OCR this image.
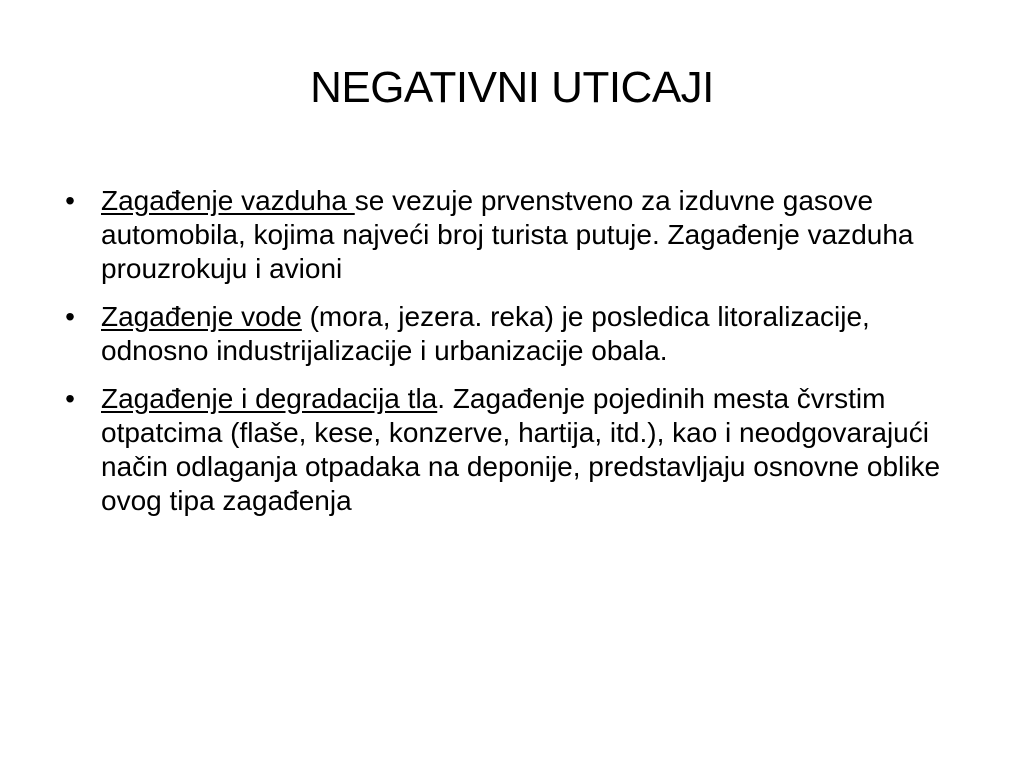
NEGATIVNI UTICAJI
• Zagađenje vazduha se vezuje prvenstveno za izduvne gasove automobila, kojima najveći broj turista putuje. Zagađenje vazduha prouzrokuju i avioni
• Zagađenje vode (mora, jezera. reka) je posledica litoralizacije, odnosno industrijalizacije i urbanizacije obala.
• Zagađenje i degradacija tla. Zagađenje pojedinih mesta čvrstim otpatcima (flaše, kese, konzerve, hartija, itd.), kao i neodgovarajući način odlaganja otpadaka na deponije, predstavljaju osnovne oblike ovog tipa zagađenja
